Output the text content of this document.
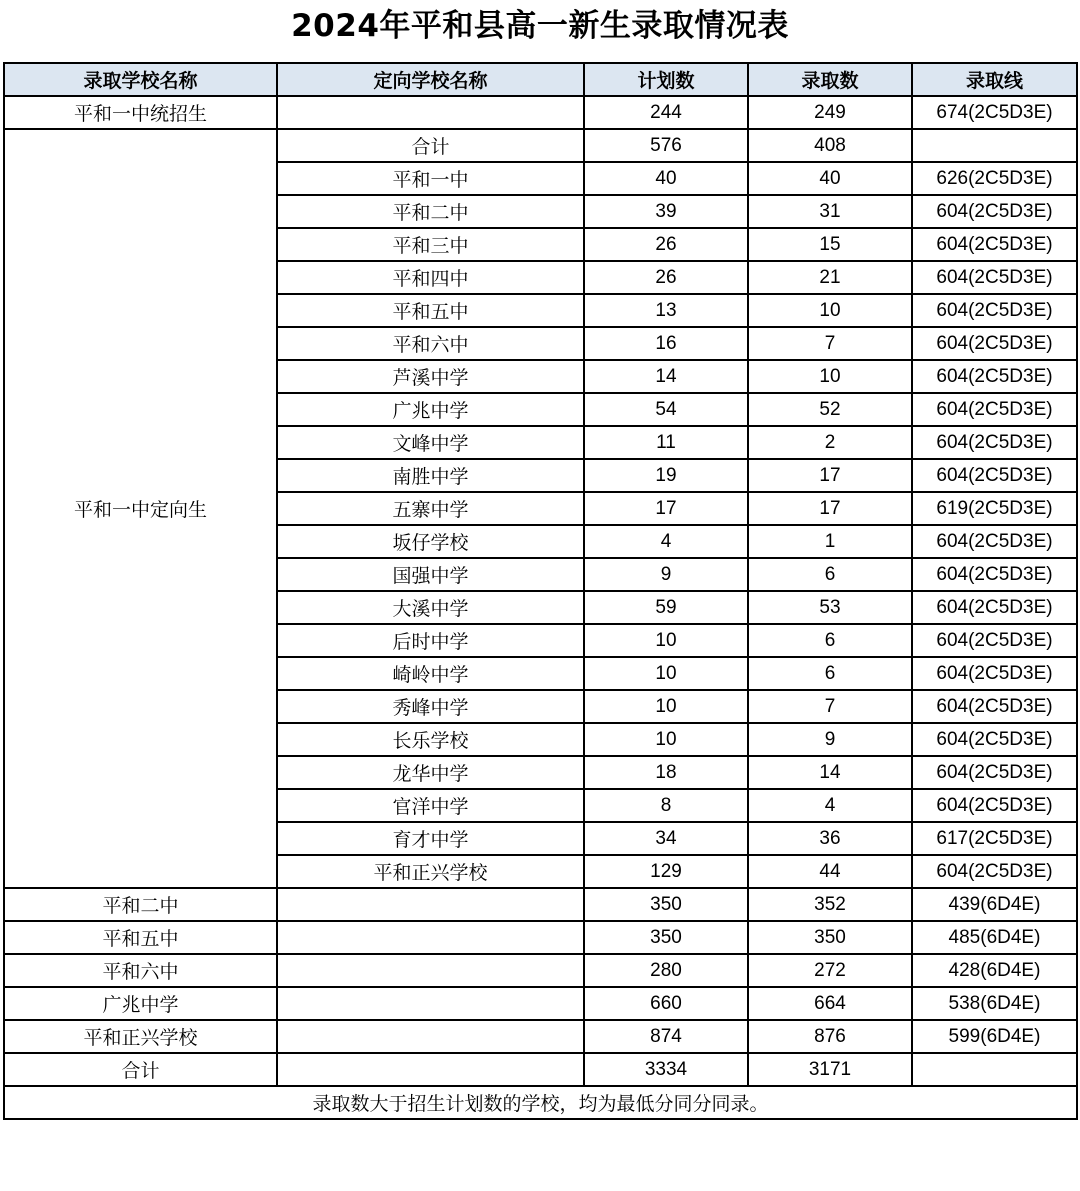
2024年平和县高一新生录取情况表
录取学校名称	定向学校名称	计划数	录取数	录取线
平和一中统招生		244	249	674(2C5D3E)
平和一中定向生	合计	576	408	
	平和一中	40	40	626(2C5D3E)
	平和二中	39	31	604(2C5D3E)
	平和三中	26	15	604(2C5D3E)
	平和四中	26	21	604(2C5D3E)
	平和五中	13	10	604(2C5D3E)
	平和六中	16	7	604(2C5D3E)
	芦溪中学	14	10	604(2C5D3E)
	广兆中学	54	52	604(2C5D3E)
	文峰中学	11	2	604(2C5D3E)
	南胜中学	19	17	604(2C5D3E)
	五寨中学	17	17	619(2C5D3E)
	坂仔学校	4	1	604(2C5D3E)
	国强中学	9	6	604(2C5D3E)
	大溪中学	59	53	604(2C5D3E)
	后时中学	10	6	604(2C5D3E)
	崎岭中学	10	6	604(2C5D3E)
	秀峰中学	10	7	604(2C5D3E)
	长乐学校	10	9	604(2C5D3E)
	龙华中学	18	14	604(2C5D3E)
	官洋中学	8	4	604(2C5D3E)
	育才中学	34	36	617(2C5D3E)
	平和正兴学校	129	44	604(2C5D3E)
平和二中		350	352	439(6D4E)
平和五中		350	350	485(6D4E)
平和六中		280	272	428(6D4E)
广兆中学		660	664	538(6D4E)
平和正兴学校		874	876	599(6D4E)
合计		3334	3171	
录取数大于招生计划数的学校，均为最低分同分同录。				
